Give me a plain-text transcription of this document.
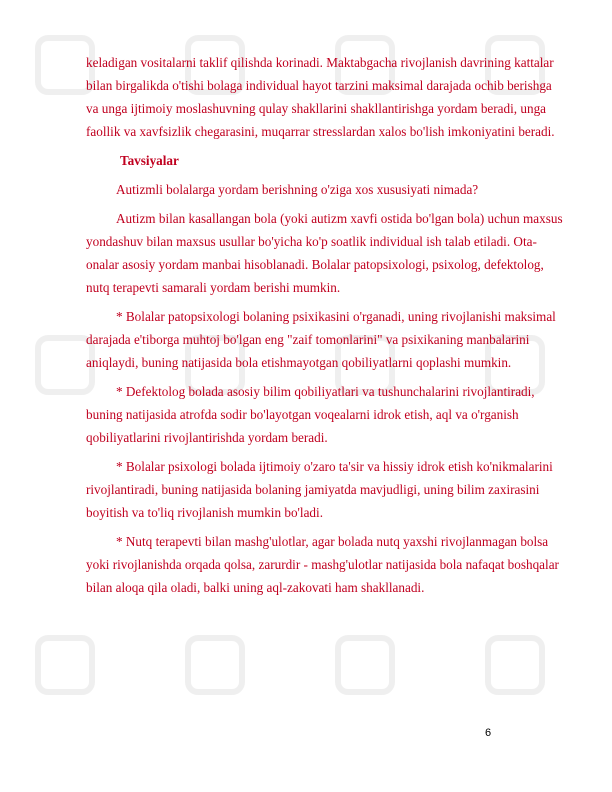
keladigan vositalarni taklif qilishda korinadi. Maktabgacha rivojlanish davrining kattalar bilan birgalikda o'tishi bolaga individual hayot tarzini maksimal darajada ochib berishga va unga ijtimoiy moslashuvning qulay shakllarini shakllantirishga yordam beradi, unga faollik va xavfsizlik chegarasini, muqarrar stresslardan xalos bo'lish imkoniyatini beradi.

Tavsiyalar

Autizmli bolalarga yordam berishning o'ziga xos xususiyati nimada?

Autizm bilan kasallangan bola (yoki autizm xavfi ostida bo'lgan bola) uchun maxsus yondashuv bilan maxsus usullar bo'yicha ko'p soatlik individual ish talab etiladi. Ota-onalar asosiy yordam manbai hisoblanadi. Bolalar patopsixologi, psixolog, defektolog, nutq terapevti samarali yordam berishi mumkin.

* Bolalar patopsixologi bolaning psixikasini o'rganadi, uning rivojlanishi maksimal darajada e'tiborga muhtoj bo'lgan eng "zaif tomonlarini" va psixikaning manbalarini aniqlaydi, buning natijasida bola etishmayotgan qobiliyatlarni qoplashi mumkin.

* Defektolog bolada asosiy bilim qobiliyatlari va tushunchalarini rivojlantiradi, buning natijasida atrofda sodir bo'layotgan voqealarni idrok etish, aql va o'rganish qobiliyatlarini rivojlantirishda yordam beradi.

* Bolalar psixologi bolada ijtimoiy o'zaro ta'sir va hissiy idrok etish ko'nikmalarini rivojlantiradi, buning natijasida bolaning jamiyatda mavjudligi, uning bilim zaxirasini boyitish va to'liq rivojlanish mumkin bo'ladi.

* Nutq terapevti bilan mashg'ulotlar, agar bolada nutq yaxshi rivojlanmagan bolsa yoki rivojlanishda orqada qolsa, zarurdir - mashg'ulotlar natijasida bola nafaqat boshqalar bilan aloqa qila oladi, balki uning aql-zakovati ham shakllanadi.

6
